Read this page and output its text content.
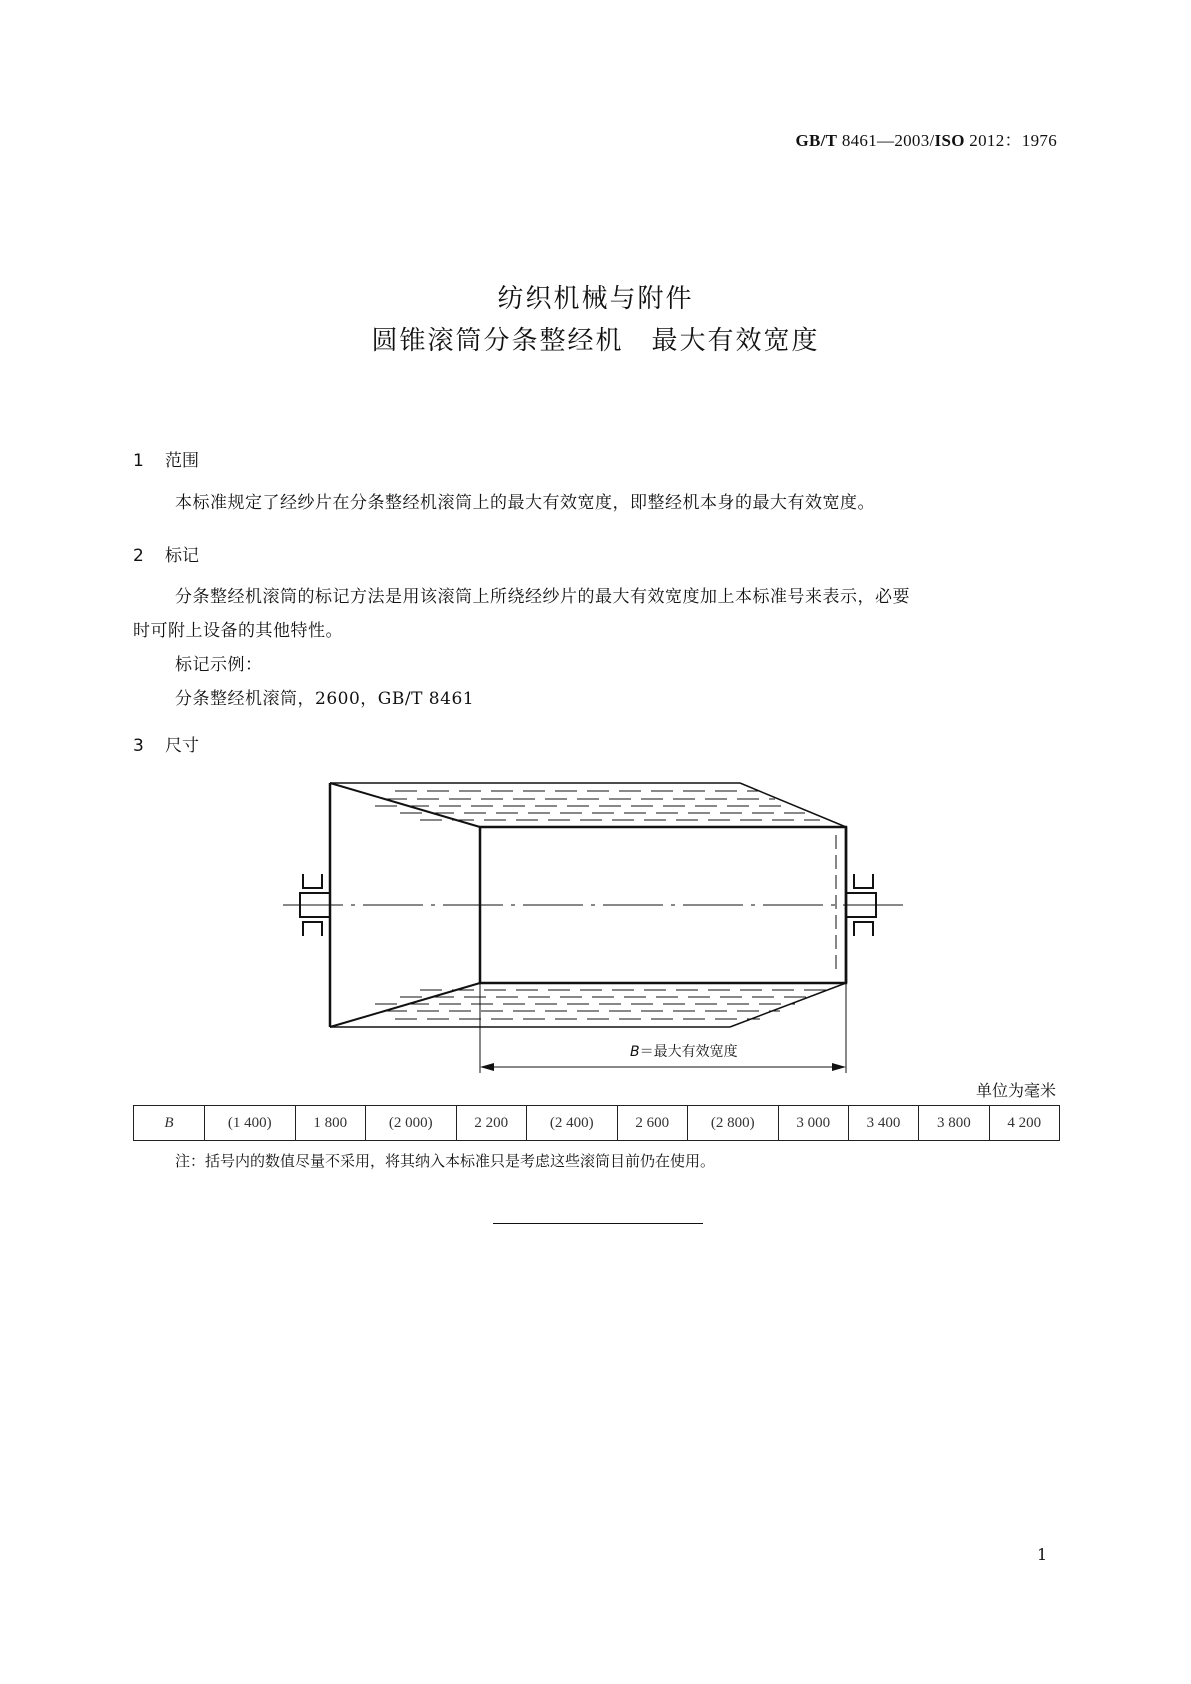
GB/T 8461—2003/ISO 2012：1976
纺织机械与附件
圆锥滚筒分条整经机　最大有效宽度
1 范围
本标准规定了经纱片在分条整经机滚筒上的最大有效宽度，即整经机本身的最大有效宽度。
2 标记
分条整经机滚筒的标记方法是用该滚筒上所绕经纱片的最大有效宽度加上本标准号来表示，必要
时可附上设备的其他特性。
标记示例：
分条整经机滚筒，2600，GB/T 8461
3 尺寸
B＝最大有效宽度
单位为毫米
B	(1 400)	1 800	(2 000)	2 200	(2 400)	2 600	(2 800)	3 000	3 400	3 800	4 200
注：括号内的数值尽量不采用，将其纳入本标准只是考虑这些滚筒目前仍在使用。
1
